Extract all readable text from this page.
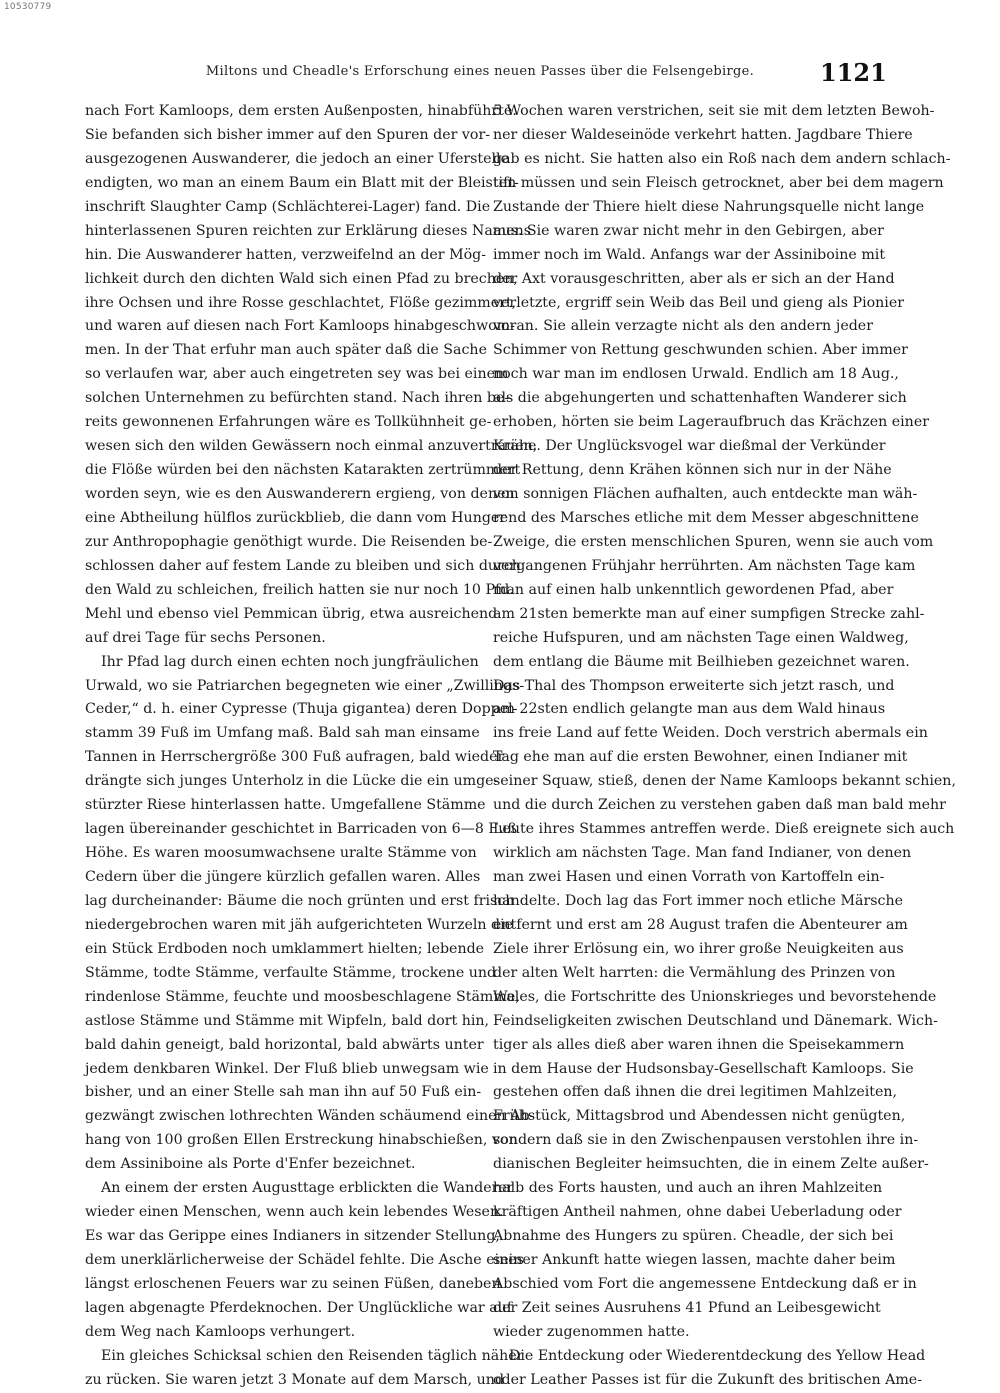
10530779
Miltons und Cheadle's Erforschung eines neuen Passes über die Felsengebirge.	1121
nach Fort Kamloops, dem ersten Außenposten, hinabführte.
Sie befanden sich bisher immer auf den Spuren der vor-
ausgezogenen Auswanderer, die jedoch an einer Uferstelle
endigten, wo man an einem Baum ein Blatt mit der Bleistift-
inschrift Slaughter Camp (Schlächterei-Lager) fand. Die
hinterlassenen Spuren reichten zur Erklärung dieses Namens
hin. Die Auswanderer hatten, verzweifelnd an der Mög-
lichkeit durch den dichten Wald sich einen Pfad zu brechen,
ihre Ochsen und ihre Rosse geschlachtet, Flöße gezimmert,
und waren auf diesen nach Fort Kamloops hinabgeschwom-
men. In der That erfuhr man auch später daß die Sache
so verlaufen war, aber auch eingetreten sey was bei einem
solchen Unternehmen zu befürchten stand. Nach ihren be-
reits gewonnenen Erfahrungen wäre es Tollkühnheit ge-
wesen sich den wilden Gewässern noch einmal anzuvertrauen,
die Flöße würden bei den nächsten Katarakten zertrümmert
worden seyn, wie es den Auswanderern ergieng, von denen
eine Abtheilung hülflos zurückblieb, die dann vom Hunger
zur Anthropophagie genöthigt wurde. Die Reisenden be-
schlossen daher auf festem Lande zu bleiben und sich durch
den Wald zu schleichen, freilich hatten sie nur noch 10 Pfd.
Mehl und ebenso viel Pemmican übrig, etwa ausreichend
auf drei Tage für sechs Personen.
Ihr Pfad lag durch einen echten noch jungfräulichen
Urwald, wo sie Patriarchen begegneten wie einer „Zwillings-
Ceder,“ d. h. einer Cypresse (Thuja gigantea) deren Doppel-
stamm 39 Fuß im Umfang maß. Bald sah man einsame
Tannen in Herrschergröße 300 Fuß aufragen, bald wieder
drängte sich junges Unterholz in die Lücke die ein umge-
stürzter Riese hinterlassen hatte. Umgefallene Stämme
lagen übereinander geschichtet in Barricaden von 6—8 Fuß
Höhe. Es waren moosumwachsene uralte Stämme von
Cedern über die jüngere kürzlich gefallen waren. Alles
lag durcheinander: Bäume die noch grünten und erst frisch
niedergebrochen waren mit jäh aufgerichteten Wurzeln die
ein Stück Erdboden noch umklammert hielten; lebende
Stämme, todte Stämme, verfaulte Stämme, trockene und
rindenlose Stämme, feuchte und moosbeschlagene Stämme,
astlose Stämme und Stämme mit Wipfeln, bald dort hin,
bald dahin geneigt, bald horizontal, bald abwärts unter
jedem denkbaren Winkel. Der Fluß blieb unwegsam wie
bisher, und an einer Stelle sah man ihn auf 50 Fuß ein-
gezwängt zwischen lothrechten Wänden schäumend einen Ab-
hang von 100 großen Ellen Erstreckung hinabschießen, von
dem Assiniboine als Porte d'Enfer bezeichnet.
An einem der ersten Augusttage erblickten die Wanderer
wieder einen Menschen, wenn auch kein lebendes Wesen.
Es war das Gerippe eines Indianers in sitzender Stellung,
dem unerklärlicherweise der Schädel fehlte. Die Asche eines
längst erloschenen Feuers war zu seinen Füßen, daneben
lagen abgenagte Pferdeknochen. Der Unglückliche war auf
dem Weg nach Kamloops verhungert.
Ein gleiches Schicksal schien den Reisenden täglich näher
zu rücken. Sie waren jetzt 3 Monate auf dem Marsch, und
5 Wochen waren verstrichen, seit sie mit dem letzten Bewoh-
ner dieser Waldeseinöde verkehrt hatten. Jagdbare Thiere
gab es nicht. Sie hatten also ein Roß nach dem andern schlach-
ten müssen und sein Fleisch getrocknet, aber bei dem magern
Zustande der Thiere hielt diese Nahrungsquelle nicht lange
aus. Sie waren zwar nicht mehr in den Gebirgen, aber
immer noch im Wald. Anfangs war der Assiniboine mit
der Axt vorausgeschritten, aber als er sich an der Hand
verletzte, ergriff sein Weib das Beil und gieng als Pionier
voran. Sie allein verzagte nicht als den andern jeder
Schimmer von Rettung geschwunden schien. Aber immer
noch war man im endlosen Urwald. Endlich am 18 Aug.,
als die abgehungerten und schattenhaften Wanderer sich
erhoben, hörten sie beim Lageraufbruch das Krächzen einer
Krähe. Der Unglücksvogel war dießmal der Verkünder
der Rettung, denn Krähen können sich nur in der Nähe
von sonnigen Flächen aufhalten, auch entdeckte man wäh-
rend des Marsches etliche mit dem Messer abgeschnittene
Zweige, die ersten menschlichen Spuren, wenn sie auch vom
vergangenen Frühjahr herrührten. Am nächsten Tage kam
man auf einen halb unkenntlich gewordenen Pfad, aber
am 21sten bemerkte man auf einer sumpfigen Strecke zahl-
reiche Hufspuren, und am nächsten Tage einen Waldweg,
dem entlang die Bäume mit Beilhieben gezeichnet waren.
Das Thal des Thompson erweiterte sich jetzt rasch, und
am 22sten endlich gelangte man aus dem Wald hinaus
ins freie Land auf fette Weiden. Doch verstrich abermals ein
Tag ehe man auf die ersten Bewohner, einen Indianer mit
seiner Squaw, stieß, denen der Name Kamloops bekannt schien,
und die durch Zeichen zu verstehen gaben daß man bald mehr
Leute ihres Stammes antreffen werde. Dieß ereignete sich auch
wirklich am nächsten Tage. Man fand Indianer, von denen
man zwei Hasen und einen Vorrath von Kartoffeln ein-
handelte. Doch lag das Fort immer noch etliche Märsche
entfernt und erst am 28 August trafen die Abenteurer am
Ziele ihrer Erlösung ein, wo ihrer große Neuigkeiten aus
der alten Welt harrten: die Vermählung des Prinzen von
Wales, die Fortschritte des Unionskrieges und bevorstehende
Feindseligkeiten zwischen Deutschland und Dänemark. Wich-
tiger als alles dieß aber waren ihnen die Speisekammern
in dem Hause der Hudsonsbay-Gesellschaft Kamloops. Sie
gestehen offen daß ihnen die drei legitimen Mahlzeiten,
Frühstück, Mittagsbrod und Abendessen nicht genügten,
sondern daß sie in den Zwischenpausen verstohlen ihre in-
dianischen Begleiter heimsuchten, die in einem Zelte außer-
halb des Forts hausten, und auch an ihren Mahlzeiten
kräftigen Antheil nahmen, ohne dabei Ueberladung oder
Abnahme des Hungers zu spüren. Cheadle, der sich bei
seiner Ankunft hatte wiegen lassen, machte daher beim
Abschied vom Fort die angemessene Entdeckung daß er in
der Zeit seines Ausruhens 41 Pfund an Leibesgewicht
wieder zugenommen hatte.
Die Entdeckung oder Wiederentdeckung des Yellow Head
oder Leather Passes ist für die Zukunft des britischen Ame-
